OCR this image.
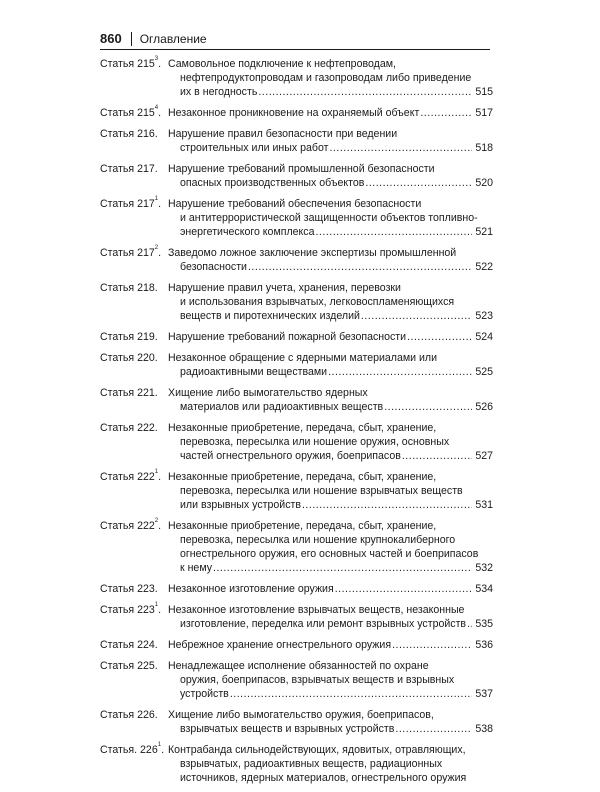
860 Оглавление
Статья $215^3$. Самовольное подключение к нефтепроводам,
нефтепродуктопроводам и газопроводам либо приведение
их в негодность .....	515
Статья $215^4$. Незаконное проникновение на охраняемый объект .....	517
Статья 216. Нарушение правил безопасности при ведении
строительных или иных работ .....	518
Статья 217. Нарушение требований промышленной безопасности
опасных производственных объектов .....	520
Статья $217^1$. Нарушение требований обеспечения безопасности
и антитеррористической защищенности объектов топливно-
энергетического комплекса .....	521
Статья $217^2$. Заведомо ложное заключение экспертизы промышленной
безопасности .....	522
Статья 218. Нарушение правил учета, хранения, перевозки
и использования взрывчатых, легковоспламеняющихся
веществ и пиротехнических изделий .....	523
Статья 219. Нарушение требований пожарной безопасности .....	524
Статья 220. Незаконное обращение с ядерными материалами или
радиоактивными веществами .....	525
Статья 221. Хищение либо вымогательство ядерных
материалов или радиоактивных веществ .....	526
Статья 222. Незаконные приобретение, передача, сбыт, хранение,
перевозка, пересылка или ношение оружия, основных
частей огнестрельного оружия, боеприпасов .....	527
Статья $222^1$. Незаконные приобретение, передача, сбыт, хранение,
перевозка, пересылка или ношение взрывчатых веществ
или взрывных устройств .....	531
Статья $222^2$. Незаконные приобретение, передача, сбыт, хранение,
перевозка, пересылка или ношение крупнокалиберного
огнестрельного оружия, его основных частей и боеприпасов
к нему .....	532
Статья 223. Незаконное изготовление оружия .....	534
Статья $223^1$. Незаконное изготовление взрывчатых веществ, незаконные
изготовление, переделка или ремонт взрывных устройств ..... 535
Статья 224. Небрежное хранение огнестрельного оружия .....	536
Статья 225. Ненадлежащее исполнение обязанностей по охране
оружия, боеприпасов, взрывчатых веществ и взрывных
устройств .....	537
Статья 226. Хищение либо вымогательство оружия, боеприпасов,
взрывчатых веществ и взрывных устройств .....	538
Статья. $226^1$. Контрабанда сильнодействующих, ядовитых, отравляющих,
взрывчатых, радиоактивных веществ, радиационных
источников, ядерных материалов, огнестрельного оружия
